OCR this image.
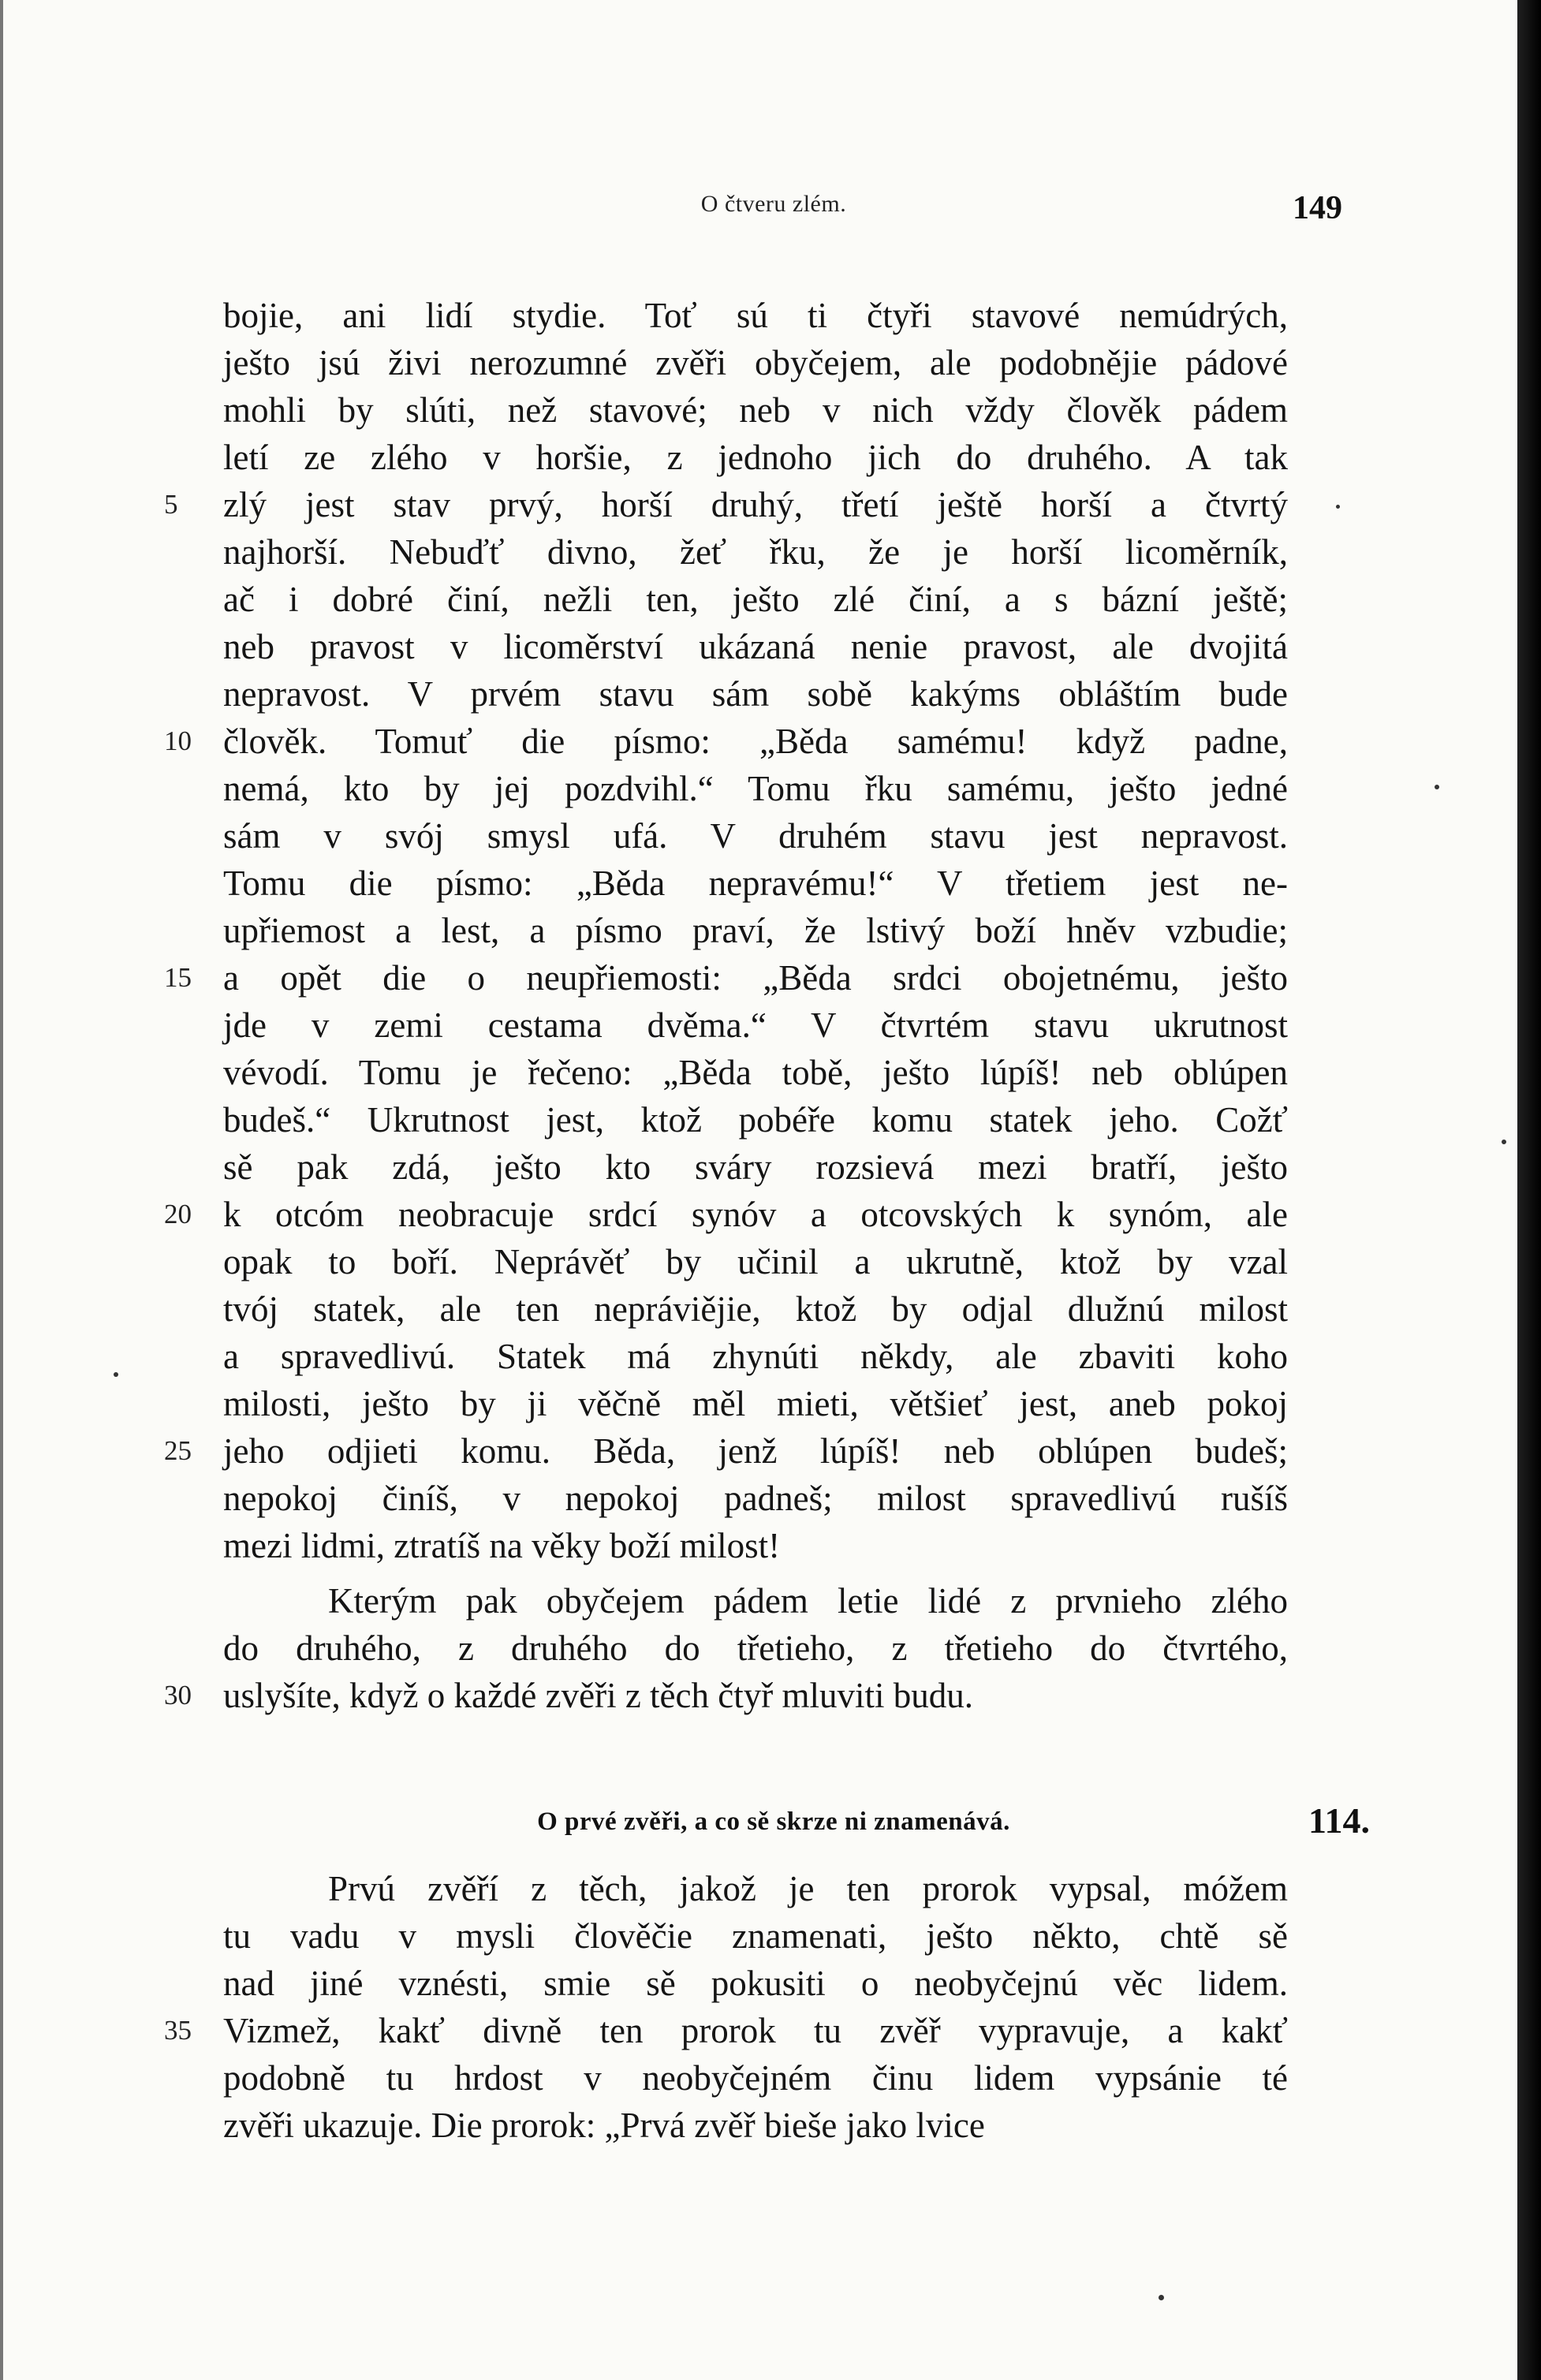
O čtveru zlém.	149
bojie, ani lidí stydie. Toť sú ti čtyři stavové nemúdrých,
ješto jsú živi nerozumné zvěři obyčejem, ale podobnějie pádové
mohli by slúti, než stavové; neb v nich vždy člověk pádem
letí ze zlého v horšie, z jednoho jich do druhého. A tak
zlý jest stav prvý, horší druhý, třetí ještě horší a čtvrtý
5
najhorší. Nebuďť divno, žeť řku, že je horší licoměrník,
ač i dobré činí, nežli ten, ješto zlé činí, a s bázní ještě;
neb pravost v licoměrství ukázaná nenie pravost, ale dvojitá
nepravost. V prvém stavu sám sobě kakýms obláštím bude
člověk. Tomuť die písmo: „Běda samému! když padne,
10
nemá, kto by jej pozdvihl.“ Tomu řku samému, ješto jedné
sám v svój smysl ufá. V druhém stavu jest nepravost.
Tomu die písmo: „Běda nepravému!“ V třetiem jest ne-
upřiemost a lest, a písmo praví, že lstivý boží hněv vzbudie;
a opět die o neupřiemosti: „Běda srdci obojetnému, ješto
15
jde v zemi cestama dvěma.“ V čtvrtém stavu ukrutnost
vévodí. Tomu je řečeno: „Běda tobě, ješto lúpíš! neb oblúpen
budeš.“ Ukrutnost jest, ktož pobéře komu statek jeho. Cožť
sě pak zdá, ješto kto sváry rozsievá mezi bratří, ješto
k otcóm neobracuje srdcí synóv a otcovských k synóm, ale
20
opak to boří. Neprávěť by učinil a ukrutně, ktož by vzal
tvój statek, ale ten nepráviějie, ktož by odjal dlužnú milost
a spravedlivú. Statek má zhynúti někdy, ale zbaviti koho
milosti, ješto by ji věčně měl mieti, většieť jest, aneb pokoj
jeho odjieti komu. Běda, jenž lúpíš! neb oblúpen budeš;
25
nepokoj činíš, v nepokoj padneš; milost spravedlivú rušíš
mezi lidmi, ztratíš na věky boží milost!
Kterým pak obyčejem pádem letie lidé z prvnieho zlého
do druhého, z druhého do třetieho, z třetieho do čtvrtého,
uslyšíte, když o každé zvěři z těch čtyř mluviti budu.
30
O prvé zvěři, a co sě skrze ni znamenává.	114.
Prvú zvěří z těch, jakož je ten prorok vypsal, móžem
tu vadu v mysli člověčie znamenati, ješto někto, chtě sě
nad jiné vznésti, smie sě pokusiti o neobyčejnú věc lidem.
Vizmež, kakť divně ten prorok tu zvěř vypravuje, a kakť
35
podobně tu hrdost v neobyčejném činu lidem vypsánie té
zvěři ukazuje. Die prorok: „Prvá zvěř bieše jako lvice
